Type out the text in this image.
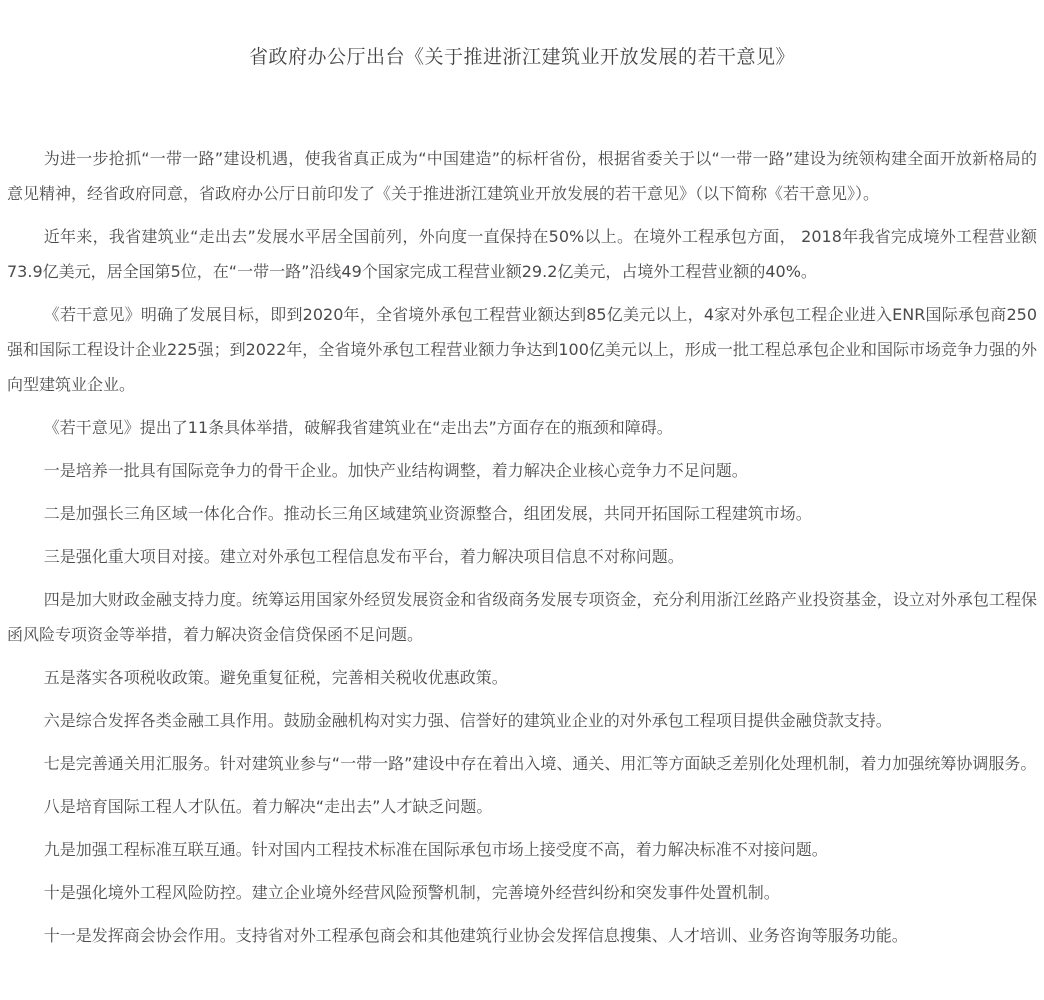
省政府办公厅出台《关于推进浙江建筑业开放发展的若干意见》

为进一步抢抓“一带一路”建设机遇，使我省真正成为“中国建造”的标杆省份，根据省委关于以“一带一路”建设为统领构建全面开放新格局的意见精神，经省政府同意，省政府办公厅日前印发了《关于推进浙江建筑业开放发展的若干意见》（以下简称《若干意见》）。

近年来，我省建筑业“走出去”发展水平居全国前列，外向度一直保持在50%以上。在境外工程承包方面， 2018年我省完成境外工程营业额73.9亿美元，居全国第5位，在“一带一路”沿线49个国家完成工程营业额29.2亿美元，占境外工程营业额的40%。

《若干意见》明确了发展目标，即到2020年，全省境外承包工程营业额达到85亿美元以上，4家对外承包工程企业进入ENR国际承包商250强和国际工程设计企业225强；到2022年，全省境外承包工程营业额力争达到100亿美元以上，形成一批工程总承包企业和国际市场竞争力强的外向型建筑业企业。

《若干意见》提出了11条具体举措，破解我省建筑业在“走出去”方面存在的瓶颈和障碍。

一是培养一批具有国际竞争力的骨干企业。加快产业结构调整，着力解决企业核心竞争力不足问题。

二是加强长三角区域一体化合作。推动长三角区域建筑业资源整合，组团发展，共同开拓国际工程建筑市场。

三是强化重大项目对接。建立对外承包工程信息发布平台，着力解决项目信息不对称问题。

四是加大财政金融支持力度。统筹运用国家外经贸发展资金和省级商务发展专项资金，充分利用浙江丝路产业投资基金，设立对外承包工程保函风险专项资金等举措，着力解决资金信贷保函不足问题。

五是落实各项税收政策。避免重复征税，完善相关税收优惠政策。

六是综合发挥各类金融工具作用。鼓励金融机构对实力强、信誉好的建筑业企业的对外承包工程项目提供金融贷款支持。

七是完善通关用汇服务。针对建筑业参与“一带一路”建设中存在着出入境、通关、用汇等方面缺乏差别化处理机制，着力加强统筹协调服务。

八是培育国际工程人才队伍。着力解决“走出去”人才缺乏问题。

九是加强工程标准互联互通。针对国内工程技术标准在国际承包市场上接受度不高，着力解决标准不对接问题。

十是强化境外工程风险防控。建立企业境外经营风险预警机制，完善境外经营纠纷和突发事件处置机制。

十一是发挥商会协会作用。支持省对外工程承包商会和其他建筑行业协会发挥信息搜集、人才培训、业务咨询等服务功能。
